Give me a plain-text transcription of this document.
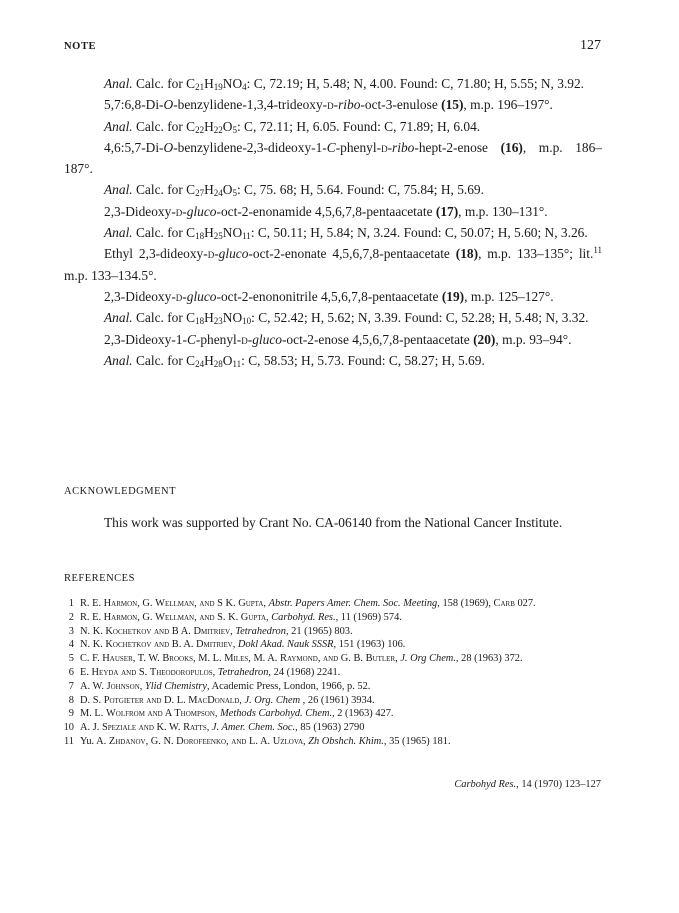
NOTE	127

Anal. Calc. for $C_{21}H_{19}NO_4$: C, 72.19; H, 5.48; N, 4.00. Found: C, 71.80; H, 5.55; N, 3.92.

5,7:6,8-Di-O-benzylidene-1,3,4-trideoxy-d-ribo-oct-3-enulose (15), m.p. 196–197°.

Anal. Calc. for $C_{22}H_{22}O_5$: C, 72.11; H, 6.05. Found: C, 71.89; H, 6.04.

4,6:5,7-Di-O-benzylidene-2,3-dideoxy-1-C-phenyl-d-ribo-hept-2-enose (16), m.p. 186–187°.

Anal. Calc. for $C_{27}H_{24}O_5$: C, 75. 68; H, 5.64. Found: C, 75.84; H, 5.69.

2,3-Dideoxy-d-gluco-oct-2-enonamide 4,5,6,7,8-pentaacetate (17), m.p. 130–131°.

Anal. Calc. for $C_{18}H_{25}NO_{11}$: C, 50.11; H, 5.84; N, 3.24. Found: C, 50.07; H, 5.60; N, 3.26.

Ethyl 2,3-dideoxy-d-gluco-oct-2-enonate 4,5,6,7,8-pentaacetate (18), m.p. 133–135°; lit.$^{11}$ m.p. 133–134.5°.

2,3-Dideoxy-d-gluco-oct-2-enononitrile 4,5,6,7,8-pentaacetate (19), m.p. 125–127°.

Anal. Calc. for $C_{18}H_{23}NO_{10}$: C, 52.42; H, 5.62; N, 3.39. Found: C, 52.28; H, 5.48; N, 3.32.

2,3-Dideoxy-1-C-phenyl-d-gluco-oct-2-enose 4,5,6,7,8-pentaacetate (20), m.p. 93–94°.

Anal. Calc. for $C_{24}H_{28}O_{11}$: C, 58.53; H, 5.73. Found: C, 58.27; H, 5.69.

ACKNOWLEDGMENT

This work was supported by Crant No. CA-06140 from the National Cancer Institute.

REFERENCES
1 R. E. Harmon, G. Wellman, and S K. Gupta, Abstr. Papers Amer. Chem. Soc. Meeting, 158 (1969), Carb 027.
2 R. E. Harmon, G. Wellman, and S. K. Gupta, Carbohyd. Res., 11 (1969) 574.
3 N. K. Kochetkov and B A. Dmitriev, Tetrahedron, 21 (1965) 803.
4 N. K. Kochetkov and B. A. Dmitriev, Dokl Akad. Nauk SSSR, 151 (1963) 106.
5 C. F. Hauser, T. W. Brooks, M. L. Miles, M. A. Raymond, and G. B. Butler, J. Org Chem., 28 (1963) 372.
6 E. Heyda and S. Theodoropulos, Tetrahedron, 24 (1968) 2241.
7 A. W. Johnson, Ylid Chemistry, Academic Press, London, 1966, p. 52.
8 D. S. Potgieter and D. L. MacDonald, J. Org. Chem , 26 (1961) 3934.
9 M. L. Wolfrom and A Thompson, Methods Carbohyd. Chem., 2 (1963) 427.
10 A. J. Speziale and K. W. Ratts, J. Amer. Chem. Soc., 85 (1963) 2790
11 Yu. A. Zhdanov, G. N. Dorofeenko, and L. A. Uzlova, Zh Obshch. Khim., 35 (1965) 181.
Carbohyd Res., 14 (1970) 123–127
